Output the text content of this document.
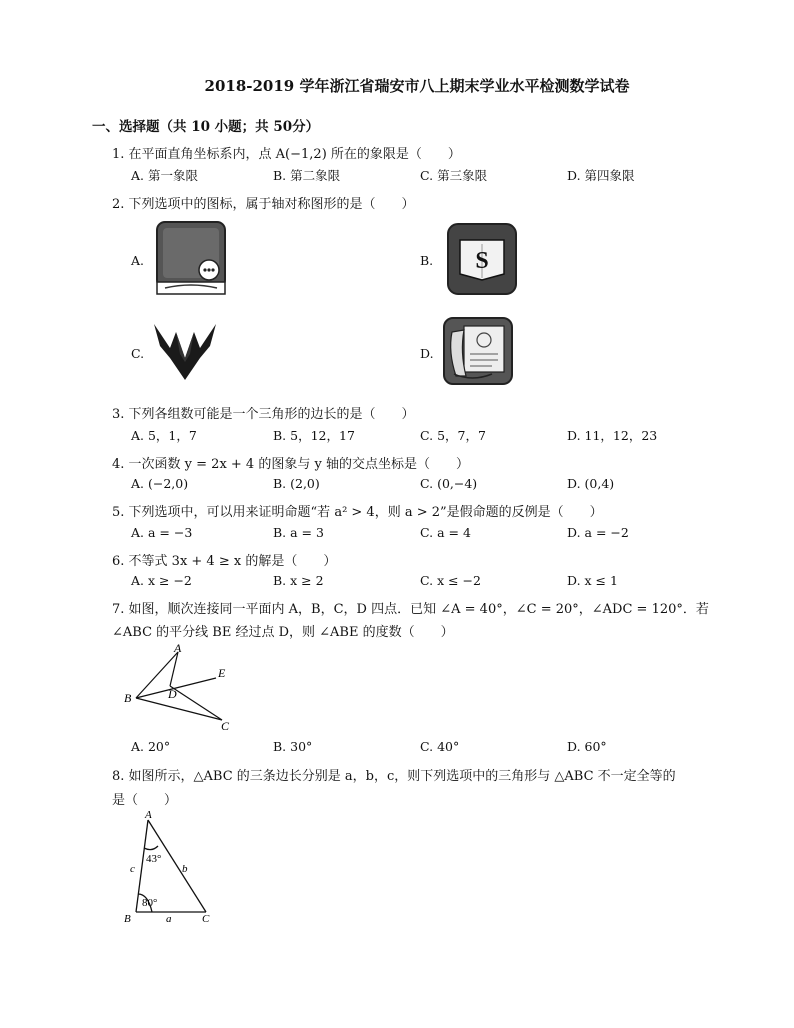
2018-2019 学年浙江省瑞安市八上期末学业水平检测数学试卷
一、选择题（共 10 小题；共 50分）
1. 在平面直角坐标系内，点 A(−1,2) 所在的象限是（　　）
A. 第一象限	B. 第二象限	C. 第三象限	D. 第四象限
2. 下列选项中的图标，属于轴对称图形的是（　　）
A.	B. S
C.	D.
3. 下列各组数可能是一个三角形的边长的是（　　）
A. 5，1，7	B. 5，12，17	C. 5，7，7	D. 11，12，23
4. 一次函数 y = 2x + 4 的图象与 y 轴的交点坐标是（　　）
A. (−2,0)	B. (2,0)	C. (0,−4)	D. (0,4)
5. 下列选项中，可以用来证明命题“若 a² > 4，则 a > 2”是假命题的反例是（　　）
A. a = −3	B. a = 3	C. a = 4	D. a = −2
6. 不等式 3x + 4 ≥ x 的解是（　　）
A. x ≥ −2	B. x ≥ 2	C. x ≤ −2	D. x ≤ 1
7. 如图，顺次连接同一平面内 A，B，C，D 四点．已知 ∠A = 40°，∠C = 20°，∠ADC = 120°．若
∠ABC 的平分线 BE 经过点 D，则 ∠ABE 的度数（　　）
A
B
C
D
E
A. 20°	B. 30°	C. 40°	D. 60°
8. 如图所示，△ABC 的三条边长分别是 a，b，c，则下列选项中的三角形与 △ABC 不一定全等的
是（　　）
A
B	C
a
b
c
43°
80°
